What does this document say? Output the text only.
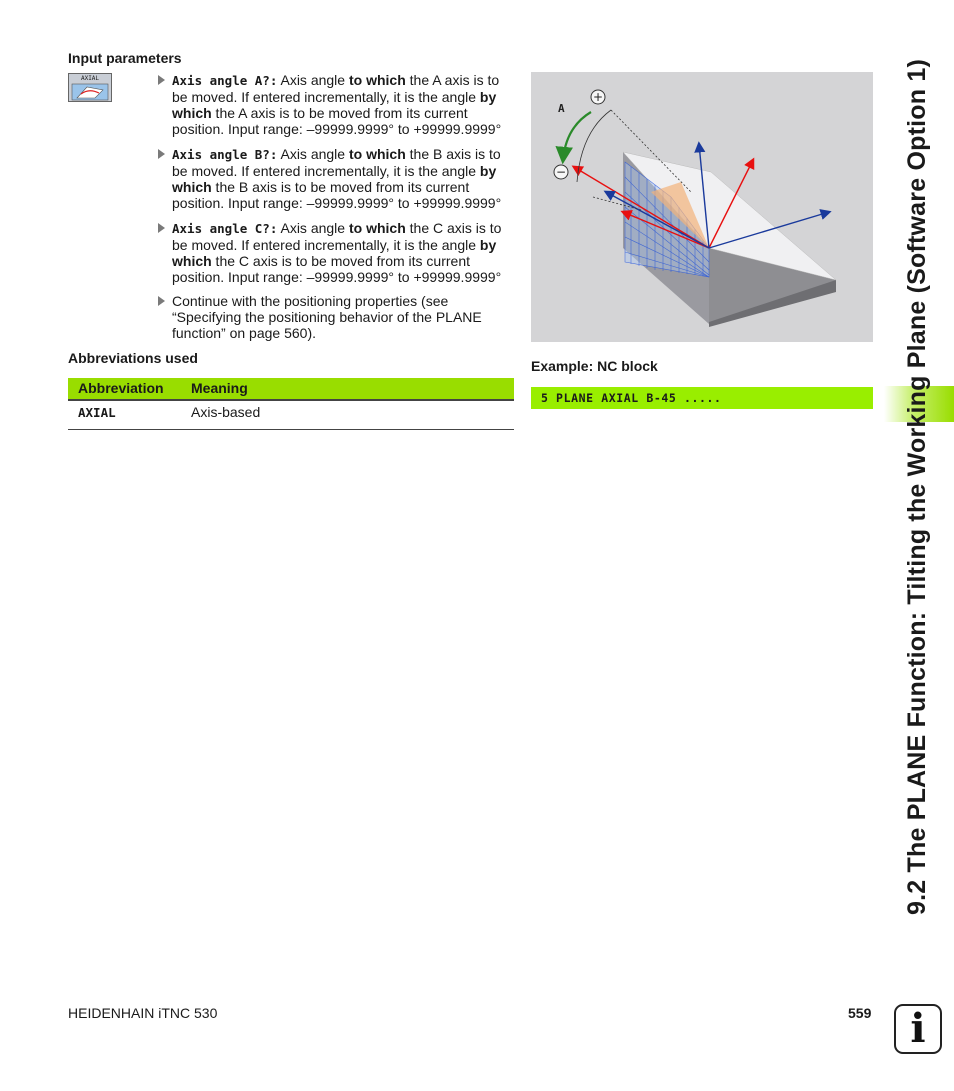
Input parameters
AXIAL	Axis angle A?: Axis angle to which the A axis is to be moved. If entered incrementally, it is the angle by which the A axis is to be moved from its current position. Input range: –99999.9999° to +99999.9999°
Axis angle B?: Axis angle to which the B axis is to be moved. If entered incrementally, it is the angle by which the B axis is to be moved from its current position. Input range: –99999.9999° to +99999.9999°
Axis angle C?: Axis angle to which the C axis is to be moved. If entered incrementally, it is the angle by which the C axis is to be moved from its current position. Input range: –99999.9999° to +99999.9999°
Continue with the positioning properties (see “Specifying the positioning behavior of the PLANE function” on page 560).
Abbreviations used
Abbreviation Meaning
AXIAL	Axis-based
+
−
A
Example: NC block
5 PLANE AXIAL B-45 .....	9.2 The PLANE Function: Tilting the Working Plane (Software Option 1)
HEIDENHAIN iTNC 530	559 i
